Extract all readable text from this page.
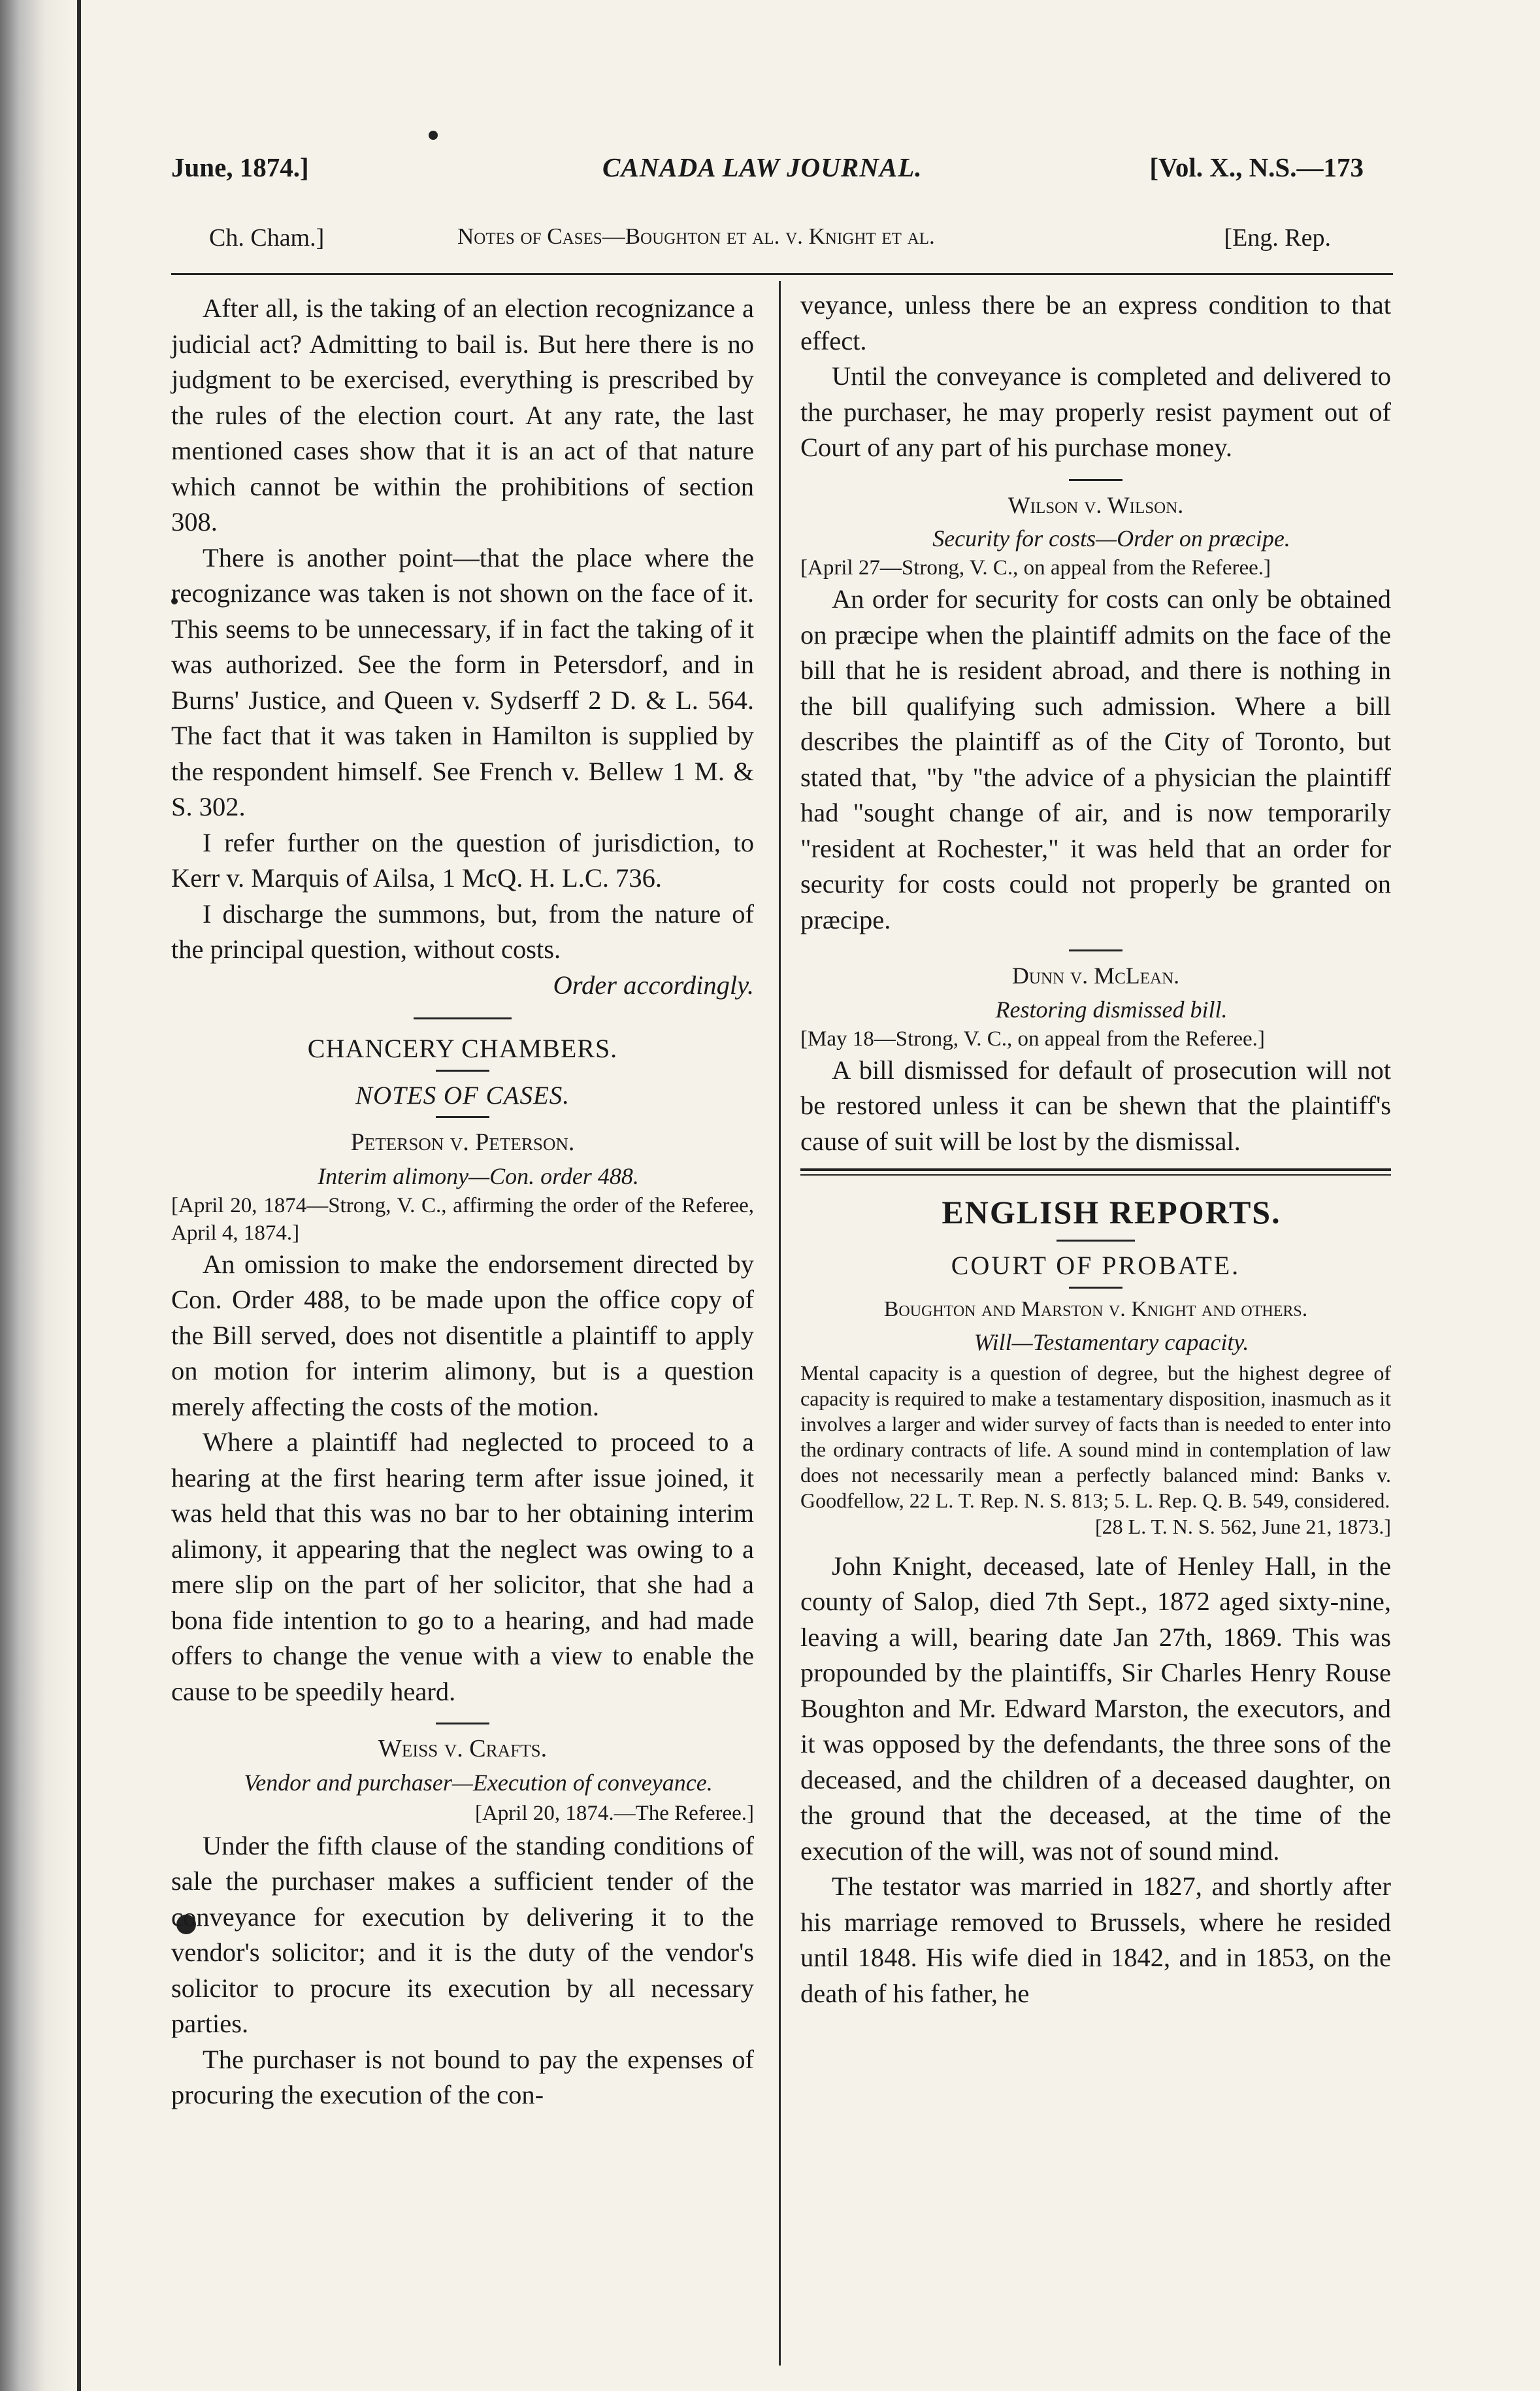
June, 1874.]	CANADA LAW JOURNAL.	[Vol. X., N.S.—173
Ch. Cham.]	Notes of Cases—Boughton et al. v. Knight et al.	[Eng. Rep.

After all, is the taking of an election recognizance a judicial act? Admitting to bail is. But here there is no judgment to be exercised, everything is prescribed by the rules of the election court. At any rate, the last mentioned cases show that it is an act of that nature which cannot be within the prohibitions of section 308.

There is another point—that the place where the recognizance was taken is not shown on the face of it. This seems to be unnecessary, if in fact the taking of it was authorized. See the form in Petersdorf, and in Burns' Justice, and Queen v. Sydserff 2 D. & L. 564. The fact that it was taken in Hamilton is supplied by the respondent himself. See French v. Bellew 1 M. & S. 302.

I refer further on the question of jurisdiction, to Kerr v. Marquis of Ailsa, 1 McQ. H. L.C. 736.

I discharge the summons, but, from the nature of the principal question, without costs.

Order accordingly.

CHANCERY CHAMBERS.

NOTES OF CASES.

Peterson v. Peterson.

Interim alimony—Con. order 488.

[April 20, 1874—Strong, V. C., affirming the order of the Referee, April 4, 1874.]

An omission to make the endorsement directed by Con. Order 488, to be made upon the office copy of the Bill served, does not disentitle a plaintiff to apply on motion for interim alimony, but is a question merely affecting the costs of the motion.

Where a plaintiff had neglected to proceed to a hearing at the first hearing term after issue joined, it was held that this was no bar to her obtaining interim alimony, it appearing that the neglect was owing to a mere slip on the part of her solicitor, that she had a bona fide intention to go to a hearing, and had made offers to change the venue with a view to enable the cause to be speedily heard.

Weiss v. Crafts.

Vendor and purchaser—Execution of conveyance.

[April 20, 1874.—The Referee.]

Under the fifth clause of the standing conditions of sale the purchaser makes a sufficient tender of the conveyance for execution by delivering it to the vendor's solicitor; and it is the duty of the vendor's solicitor to procure its execution by all necessary parties.

The purchaser is not bound to pay the expenses of procuring the execution of the con-

veyance, unless there be an express condition to that effect.

Until the conveyance is completed and delivered to the purchaser, he may properly resist payment out of Court of any part of his purchase money.

Wilson v. Wilson.

Security for costs—Order on præcipe.

[April 27—Strong, V. C., on appeal from the Referee.]

An order for security for costs can only be obtained on præcipe when the plaintiff admits on the face of the bill that he is resident abroad, and there is nothing in the bill qualifying such admission. Where a bill describes the plaintiff as of the City of Toronto, but stated that, "by "the advice of a physician the plaintiff had "sought change of air, and is now temporarily "resident at Rochester," it was held that an order for security for costs could not properly be granted on præcipe.

Dunn v. McLean.

Restoring dismissed bill.

[May 18—Strong, V. C., on appeal from the Referee.]

A bill dismissed for default of prosecution will not be restored unless it can be shewn that the plaintiff's cause of suit will be lost by the dismissal.

ENGLISH REPORTS.

COURT OF PROBATE.

Boughton and Marston v. Knight and others.

Will—Testamentary capacity.

Mental capacity is a question of degree, but the highest degree of capacity is required to make a testamentary disposition, inasmuch as it involves a larger and wider survey of facts than is needed to enter into the ordinary contracts of life. A sound mind in contemplation of law does not necessarily mean a perfectly balanced mind: Banks v. Goodfellow, 22 L. T. Rep. N. S. 813; 5. L. Rep. Q. B. 549, considered.

[28 L. T. N. S. 562, June 21, 1873.]

John Knight, deceased, late of Henley Hall, in the county of Salop, died 7th Sept., 1872 aged sixty-nine, leaving a will, bearing date Jan 27th, 1869. This was propounded by the plaintiffs, Sir Charles Henry Rouse Boughton and Mr. Edward Marston, the executors, and it was opposed by the defendants, the three sons of the deceased, and the children of a deceased daughter, on the ground that the deceased, at the time of the execution of the will, was not of sound mind.

The testator was married in 1827, and shortly after his marriage removed to Brussels, where he resided until 1848. His wife died in 1842, and in 1853, on the death of his father, he
